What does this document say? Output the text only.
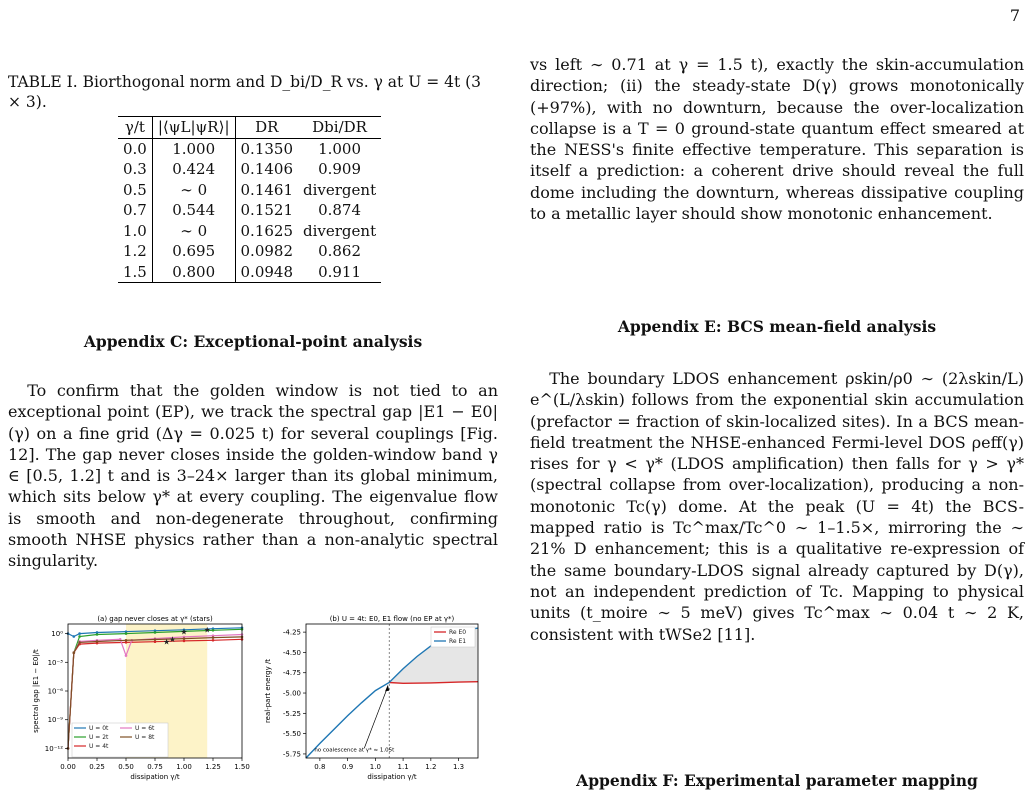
7
TABLE I. Biorthogonal norm and D_bi/D_R vs. γ at U = 4t (3 × 3).
γ/t	|⟨ψL|ψR⟩|	DR	Dbi/DR
0.0	1.000	0.1350	1.000
0.3	0.424	0.1406	0.909
0.5	∼ 0	0.1461	divergent
0.7	0.544	0.1521	0.874
1.0	∼ 0	0.1625	divergent
1.2	0.695	0.0982	0.862
1.5	0.800	0.0948	0.911
Appendix C: Exceptional-point analysis

To confirm that the golden window is not tied to an exceptional point (EP), we track the spectral gap |E1 − E0|(γ) on a fine grid (Δγ = 0.025 t) for several couplings [Fig. 12]. The gap never closes inside the golden-window band γ ∈ [0.5, 1.2] t and is 3–24× larger than its global minimum, which sits below γ* at every coupling. The eigenvalue flow is smooth and non-degenerate throughout, confirming smooth NHSE physics rather than a non-analytic spectral singularity.

★
★
★
★
0.00 0.25 0.50 0.75 1.00 1.25 1.50
10⁰
10⁻³
10⁻⁶
10⁻⁹
10⁻¹²
(a) gap never closes at γ* (stars)
dissipation γ/t
spectral gap |E1 − E0|/t	U = 0t
U = 2t
U = 4t
U = 6t
U = 8t
no coalescence at γ* ≈ 1.05t
0.8 0.9 1.0 1.1 1.2 1.3
-4.25
-4.50
-4.75
-5.00
-5.25
-5.50
-5.75
(b) U = 4t: E0, E1 flow (no EP at γ*)
dissipation γ/t
real-part energy /t
Re E0
Re E1

vs left ∼ 0.71 at γ = 1.5 t), exactly the skin-accumulation direction; (ii) the steady-state D(γ) grows monotonically (+97%), with no downturn, because the over-localization collapse is a T = 0 ground-state quantum effect smeared at the NESS's finite effective temperature. This separation is itself a prediction: a coherent drive should reveal the full dome including the downturn, whereas dissipative coupling to a metallic layer should show monotonic enhancement.

Appendix E: BCS mean-field analysis

The boundary LDOS enhancement ρskin/ρ0 ∼ (2λskin/L) e^(L/λskin) follows from the exponential skin accumulation (prefactor = fraction of skin-localized sites). In a BCS mean-field treatment the NHSE-enhanced Fermi-level DOS ρeff(γ) rises for γ < γ* (LDOS amplification) then falls for γ > γ* (spectral collapse from over-localization), producing a non-monotonic Tc(γ) dome. At the peak (U = 4t) the BCS-mapped ratio is Tc^max/Tc^0 ∼ 1–1.5×, mirroring the ∼ 21% D enhancement; this is a qualitative re-expression of the same boundary-LDOS signal already captured by D(γ), not an independent prediction of Tc. Mapping to physical units (t_moire ∼ 5 meV) gives Tc^max ∼ 0.04 t ∼ 2 K, consistent with tWSe2 [11].

Appendix F: Experimental parameter mapping
